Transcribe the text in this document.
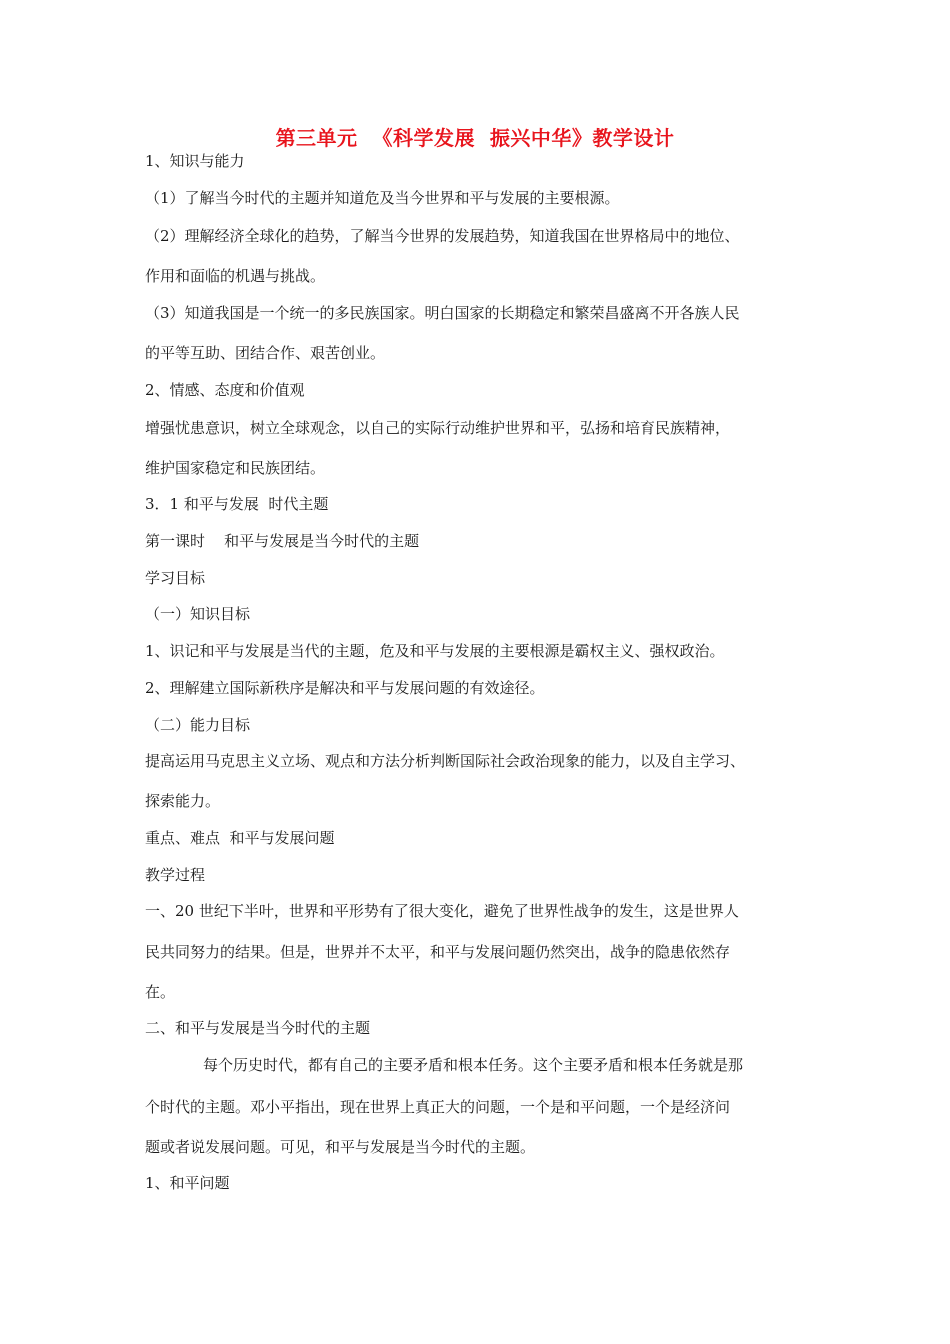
第三单元  《科学发展  振兴中华》教学设计
1、知识与能力
（1）了解当今时代的主题并知道危及当今世界和平与发展的主要根源。
（2）理解经济全球化的趋势，了解当今世界的发展趋势，知道我国在世界格局中的地位、
作用和面临的机遇与挑战。
（3）知道我国是一个统一的多民族国家。明白国家的长期稳定和繁荣昌盛离不开各族人民
的平等互助、团结合作、艰苦创业。
2、情感、态度和价值观
增强忧患意识，树立全球观念，以自己的实际行动维护世界和平，弘扬和培育民族精神，
维护国家稳定和民族团结。
3．1 和平与发展  时代主题
第一课时    和平与发展是当今时代的主题
学习目标
（一）知识目标
1、识记和平与发展是当代的主题，危及和平与发展的主要根源是霸权主义、强权政治。
2、理解建立国际新秩序是解决和平与发展问题的有效途径。
（二）能力目标
提高运用马克思主义立场、观点和方法分析判断国际社会政治现象的能力，以及自主学习、
探索能力。
重点、难点  和平与发展问题
教学过程
一、20 世纪下半叶，世界和平形势有了很大变化，避免了世界性战争的发生，这是世界人
民共同努力的结果。但是，世界并不太平，和平与发展问题仍然突出，战争的隐患依然存
在。
二、和平与发展是当今时代的主题
每个历史时代，都有自己的主要矛盾和根本任务。这个主要矛盾和根本任务就是那
个时代的主题。邓小平指出，现在世界上真正大的问题，一个是和平问题，一个是经济问
题或者说发展问题。可见，和平与发展是当今时代的主题。
1、和平问题
